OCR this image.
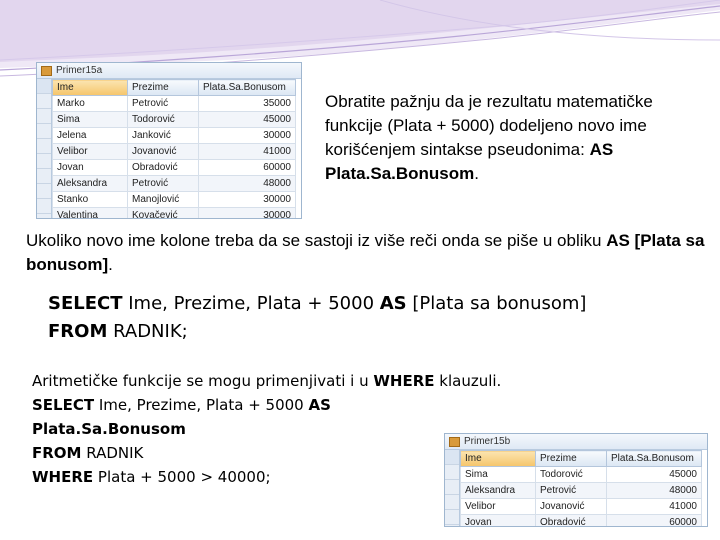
Primer15a
Ime	Prezime	Plata.Sa.Bonusom
Marko	Petrović	35000
Sima	Todorović	45000
Jelena	Janković	30000
Velibor	Jovanović	41000
Jovan	Obradović	60000
Aleksandra	Petrović	48000
Stanko	Manojlović	30000
Valentina	Kovačević	30000
Obratite pažnju da je rezultatu matematičke funkcije (Plata + 5000) dodeljeno novo ime korišćenjem sintakse pseudonima: AS Plata.Sa.Bonusom.
Ukoliko novo ime kolone treba da se sastoji iz više reči onda se piše u obliku AS [Plata sa bonusom].
SELECT Ime, Prezime, Plata + 5000 AS [Plata sa bonusom]
FROM RADNIK;
Aritmetičke funkcije se mogu primenjivati i u WHERE klauzuli.
SELECT Ime, Prezime, Plata + 5000 AS Plata.Sa.Bonusom
FROM RADNIK
WHERE Plata + 5000 > 40000;
Primer15b
Ime	Prezime	Plata.Sa.Bonusom
Sima	Todorović	45000
Aleksandra	Petrović	48000
Velibor	Jovanović	41000
Jovan	Obradović	60000
